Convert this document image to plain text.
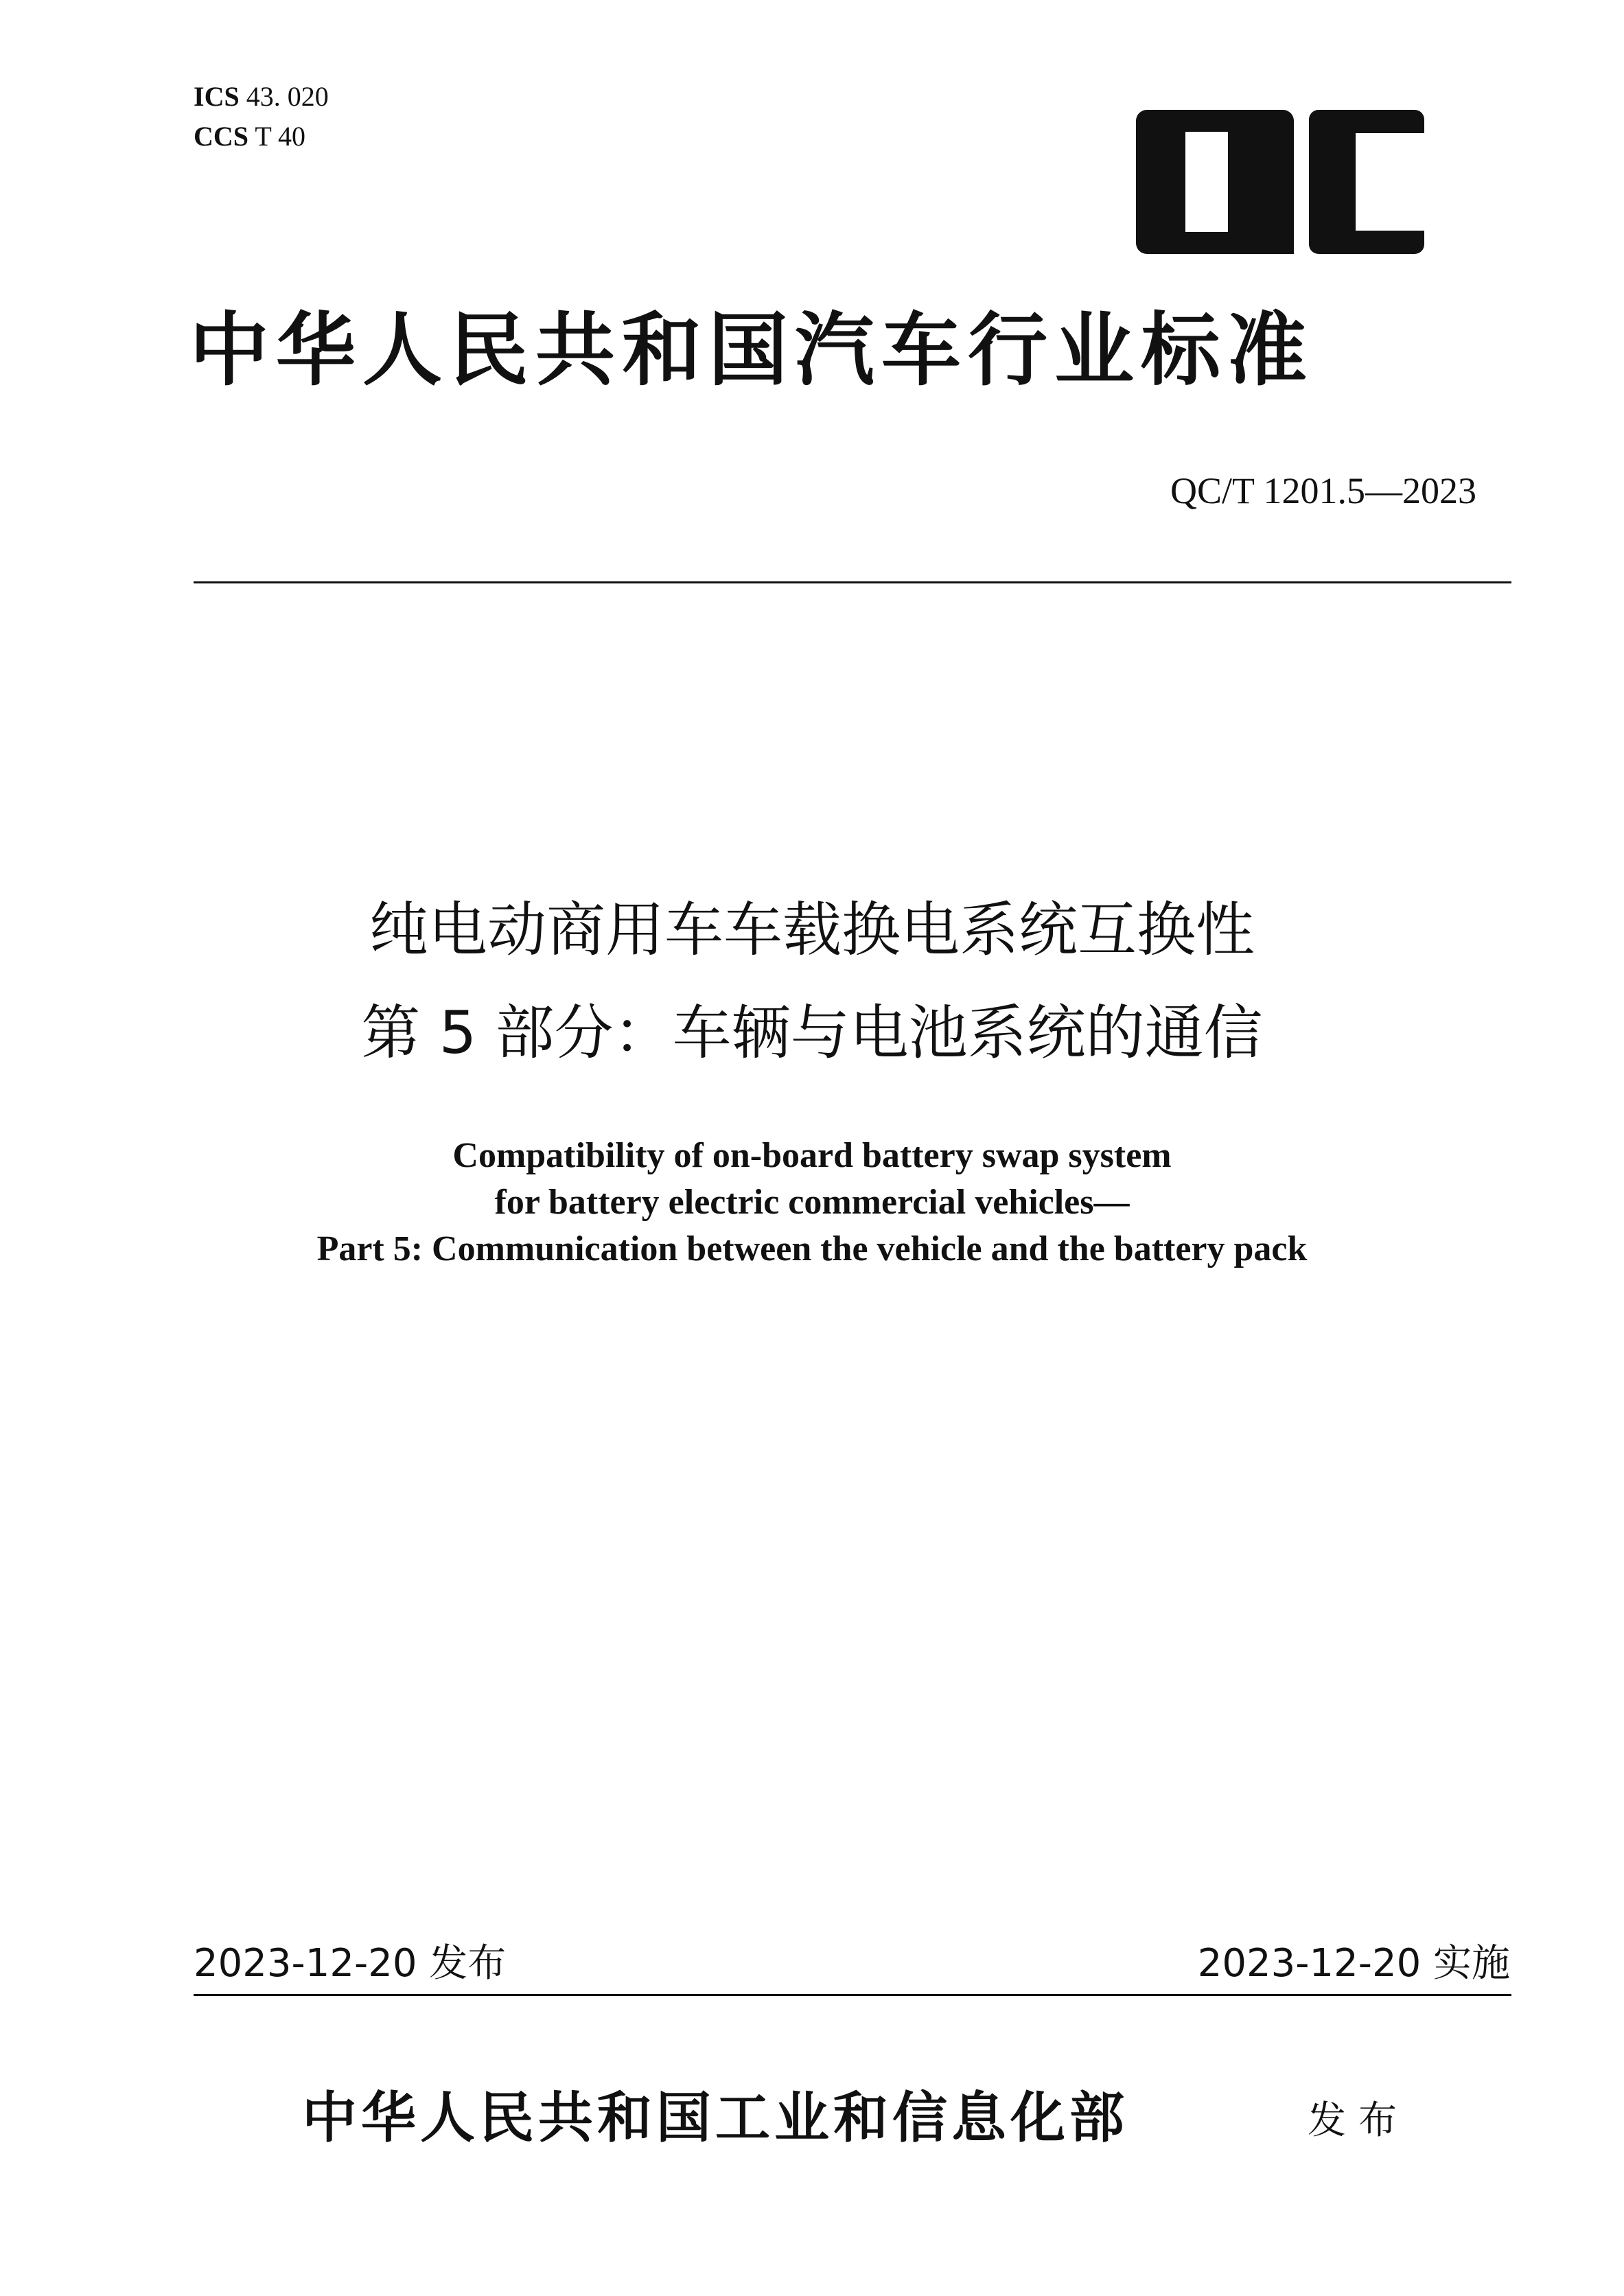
ICS 43. 020
CCS T 40
中华人民共和国汽车行业标准
QC/T 1201.5—2023
纯电动商用车车载换电系统互换性
第 5 部分：车辆与电池系统的通信
Compatibility of on-board battery swap system
for battery electric commercial vehicles—
Part 5: Communication between the vehicle and the battery pack
2023-12-20 发布	2023-12-20 实施
中华人民共和国工业和信息化部	发布
